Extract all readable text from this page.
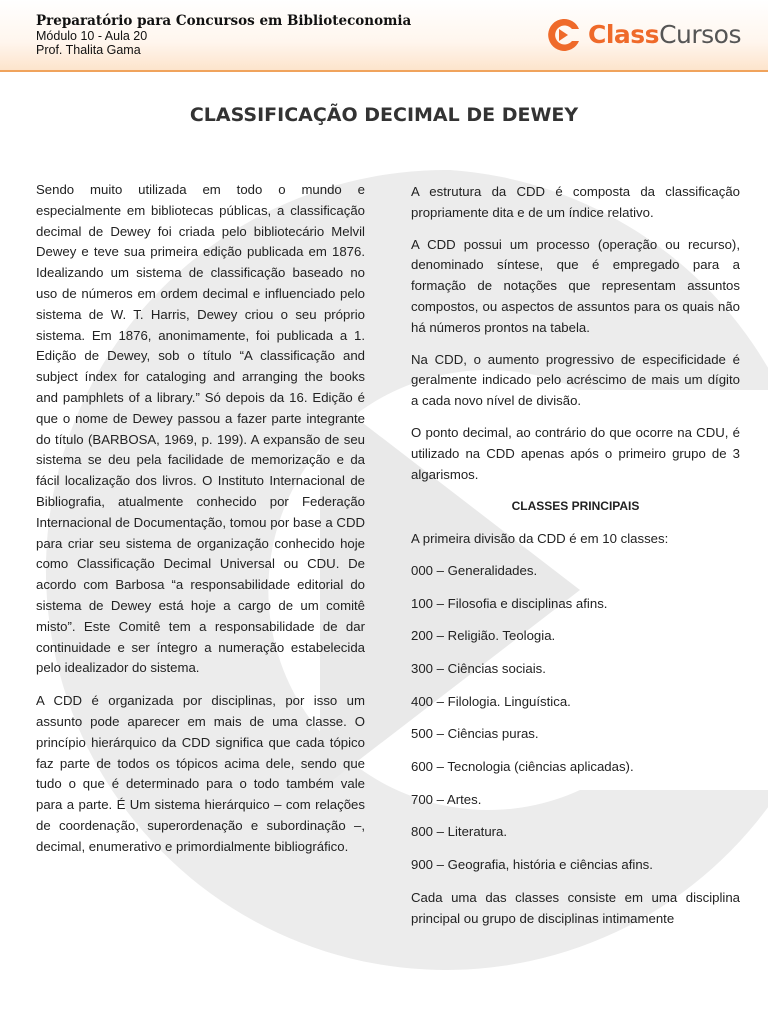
Preparatório para Concursos em Biblioteconomia
Módulo 10 - Aula 20
Prof. Thalita Gama
ClassCursos
CLASSIFICAÇÃO DECIMAL DE DEWEY

Sendo muito utilizada em todo o mundo e especialmente em bibliotecas públicas, a classificação decimal de Dewey foi criada pelo bibliotecário Melvil Dewey e teve sua primeira edição publicada em 1876. Idealizando um sistema de classificação baseado no uso de números em ordem decimal e influenciado pelo sistema de W. T. Harris, Dewey criou o seu próprio sistema. Em 1876, anonimamente, foi publicada a 1. Edição de Dewey, sob o título “A classificação and subject índex for cataloging and arranging the books and pamphlets of a library.” Só depois da 16. Edição é que o nome de Dewey passou a fazer parte integrante do título (BARBOSA, 1969, p. 199). A expansão de seu sistema se deu pela facilidade de memorização e da fácil localização dos livros. O Instituto Internacional de Bibliografia, atualmente conhecido por Federação Internacional de Documentação, tomou por base a CDD para criar seu sistema de organização conhecido hoje como Classificação Decimal Universal ou CDU. De acordo com Barbosa “a responsabilidade editorial do sistema de Dewey está hoje a cargo de um comitê misto”. Este Comitê tem a responsabilidade de dar continuidade e ser íntegro a numeração estabelecida pelo idealizador do sistema.

A CDD é organizada por disciplinas, por isso um assunto pode aparecer em mais de uma classe. O princípio hierárquico da CDD significa que cada tópico faz parte de todos os tópicos acima dele, sendo que tudo o que é determinado para o todo também vale para a parte. É Um sistema hierárquico – com relações de coordenação, superordenação e subordinação –, decimal, enumerativo e primordialmente bibliográfico.

A estrutura da CDD é composta da classificação propriamente dita e de um índice relativo.

A CDD possui um processo (operação ou recurso), denominado síntese, que é empregado para a formação de notações que representam assuntos compostos, ou aspectos de assuntos para os quais não há números prontos na tabela.

Na CDD, o aumento progressivo de especificidade é geralmente indicado pelo acréscimo de mais um dígito a cada novo nível de divisão.

O ponto decimal, ao contrário do que ocorre na CDU, é utilizado na CDD apenas após o primeiro grupo de 3 algarismos.

CLASSES PRINCIPAIS

A primeira divisão da CDD é em 10 classes:

000 – Generalidades.
100 – Filosofia e disciplinas afins.
200 – Religião. Teologia.
300 – Ciências sociais.
400 – Filologia. Linguística.
500 – Ciências puras.
600 – Tecnologia (ciências aplicadas).
700 – Artes.
800 – Literatura.
900 – Geografia, história e ciências afins.

Cada uma das classes consiste em uma disciplina principal ou grupo de disciplinas intimamente
